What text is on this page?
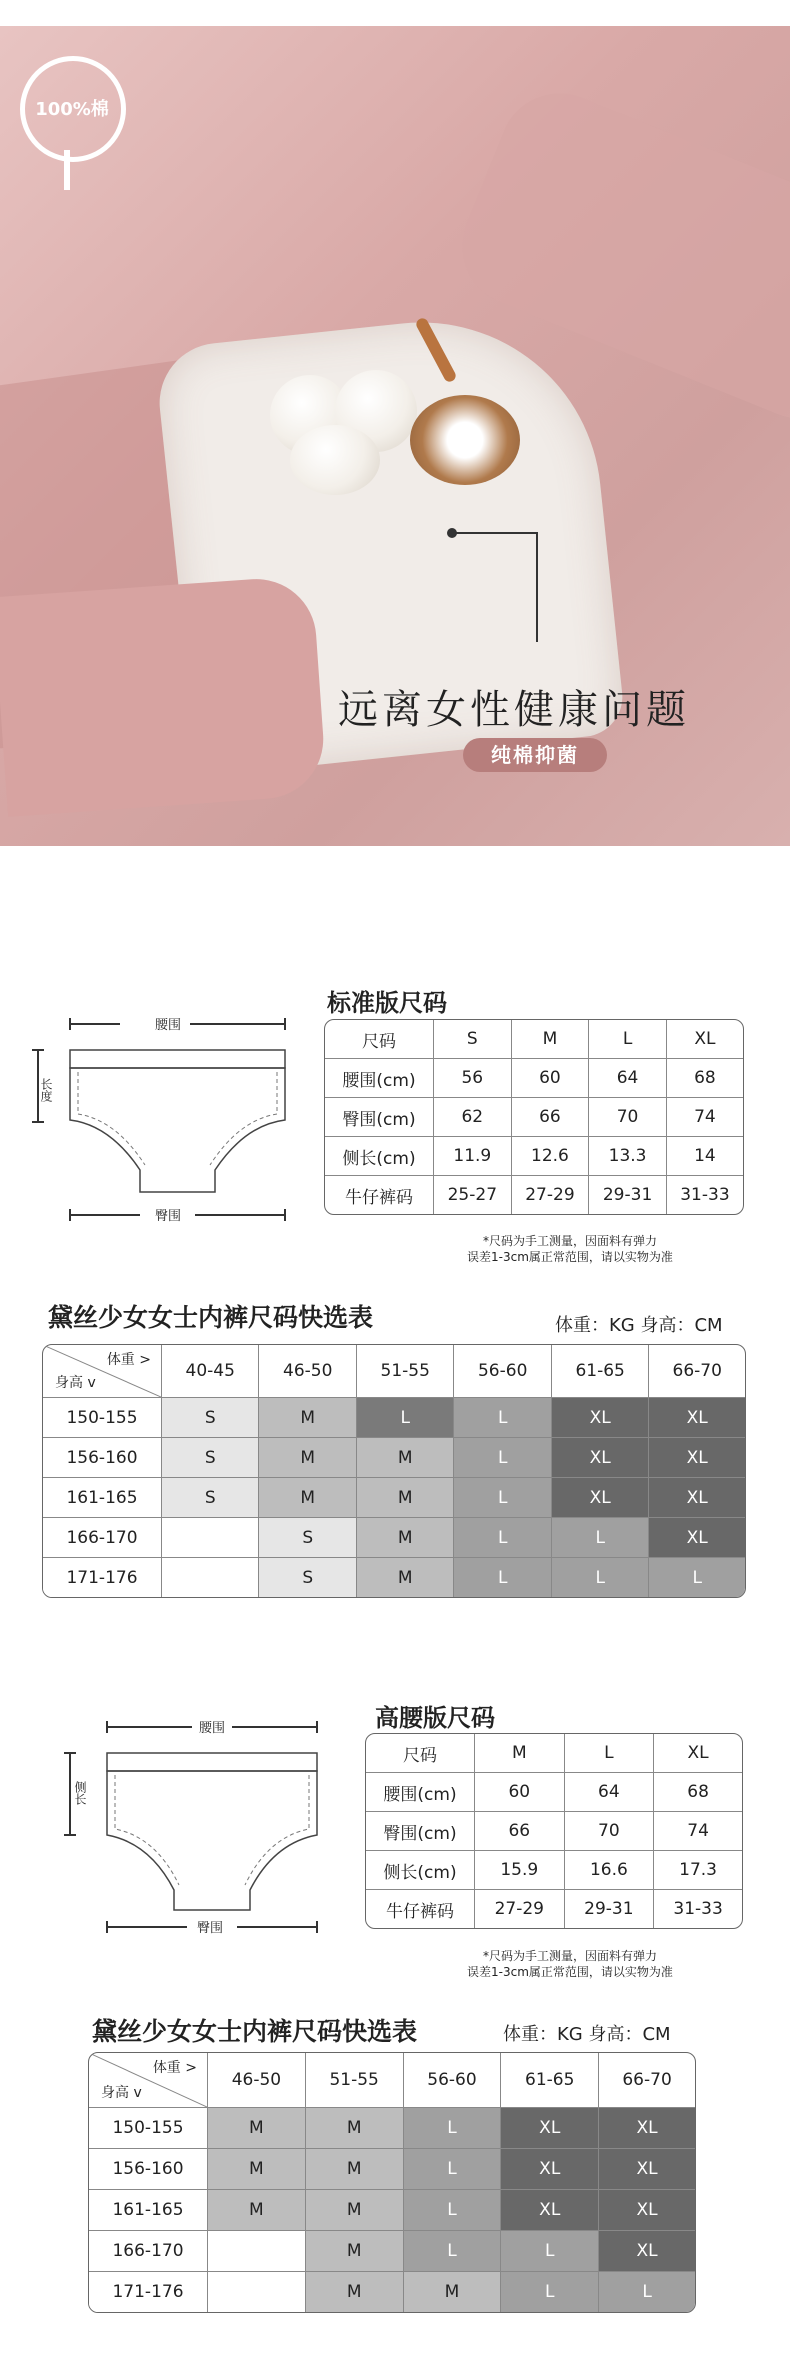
100%棉
远离女性健康问题
纯棉抑菌
腰围
臀围
长度
标准版尺码
尺码	S	M	L	XL
腰围(cm)	56	60	64	68
臀围(cm)	62	66	70	74
侧长(cm)	11.9	12.6	13.3	14
牛仔裤码	25-27	27-29	29-31	31-33
*尺码为手工测量，因面料有弹力
误差1-3cm属正常范围，请以实物为准
黛丝少女女士内裤尺码快选表	体重：KG 身高：CM
体重 >
身高 v	40-45	46-50	51-55	56-60	61-65	66-70
150-155	S	M	L	L	XL	XL
156-160	S	M	M	L	XL	XL
161-165	S	M	M	L	XL	XL
166-170		S	M	L	L	XL
171-176		S	M	L	L	L
腰围
臀围
侧长
高腰版尺码
尺码	M	L	XL
腰围(cm)	60	64	68
臀围(cm)	66	70	74
侧长(cm)	15.9	16.6	17.3
牛仔裤码	27-29	29-31	31-33
*尺码为手工测量，因面料有弹力
误差1-3cm属正常范围，请以实物为准
黛丝少女女士内裤尺码快选表	体重：KG 身高：CM
体重 >
身高 v	46-50	51-55	56-60	61-65	66-70
150-155	M	M	L	XL	XL
156-160	M	M	L	XL	XL
161-165	M	M	L	XL	XL
166-170		M	L	L	XL
171-176		M	M	L	L
